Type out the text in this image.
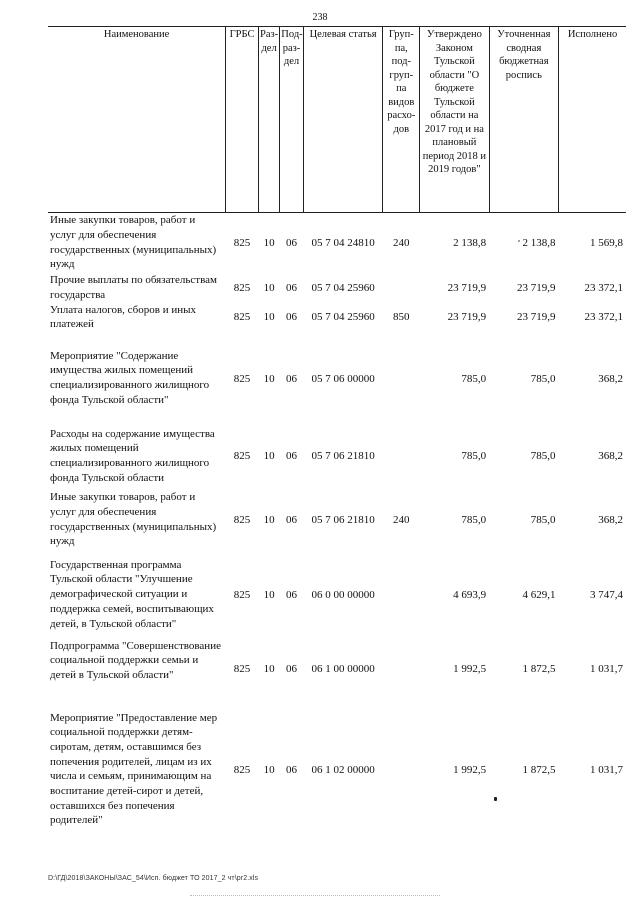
238
Наименование	ГРБС	Раз-дел	Под-раз-дел	Целевая статья	Груп-па, под-груп-па видов расхо-дов	Утверждено Законом Тульской области "О бюджете Тульской области на 2017 год и на плановый период 2018 и 2019 годов"	Уточненная сводная бюджетная роспись	Исполнено
Иные закупки товаров, работ и услуг для обеспечения государственных (муниципальных) нужд	825	10	06	05 7 04 24810	240	2 138,8	2 138,8	1 569,8
Прочие выплаты по обязательствам государства	825	10	06	05 7 04 25960		23 719,9	23 719,9	23 372,1
Уплата налогов, сборов и иных платежей	825	10	06	05 7 04 25960	850	23 719,9	23 719,9	23 372,1
Мероприятие "Содержание имущества жилых помещений специализированного жилищного фонда Тульской области"	825	10	06	05 7 06 00000		785,0	785,0	368,2
Расходы на содержание имущества жилых помещений специализированного жилищного фонда Тульской области	825	10	06	05 7 06 21810		785,0	785,0	368,2
Иные закупки товаров, работ и услуг для обеспечения государственных (муниципальных) нужд	825	10	06	05 7 06 21810	240	785,0	785,0	368,2
Государственная программа Тульской области "Улучшение демографической ситуации и поддержка семей, воспитывающих детей, в Тульской области"	825	10	06	06 0 00 00000		4 693,9	4 629,1	3 747,4
Подпрограмма "Совершенствование социальной поддержки семьи и детей в Тульской области"	825	10	06	06 1 00 00000		1 992,5	1 872,5	1 031,7
Мероприятие "Предоставление мер социальной поддержки детям-сиротам, детям, оставшимся без попечения родителей, лицам из их числа и семьям, принимающим на воспитание детей-сирот и детей, оставшихся без попечения родителей"	825	10	06	06 1 02 00000		1 992,5	1 872,5	1 031,7
D:\ГД\2018\ЗАКОНЫ\ЗАС_54\Исп. бюджет ТО 2017_2 чт\pr2.xls
